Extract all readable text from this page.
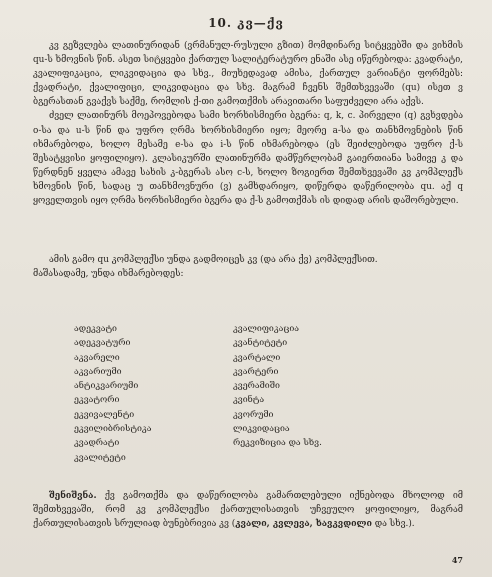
10. კვ—ქვ

კვ გეზვლება ლათინურიდან (ვრმანულ-რუსული გზით) მომდინარე სიტყვებში და ვიხმის qu-ს ხმოვნის წინ. ასეთ სიტყვები ქართულ სალიტერატურო ენაში ასე იწერებოდა: კვადრატი, კვალიფიკაცია, ლიკვიდაცია და სხვ., მიუხედავად ამისა, ქართულ ვარიანტი ფორმებს: ქვადრატი, ქვალიფიცი, ლიკვიდაცია და სხვ. მაგრამ ჩვენს შემთხვევაში (qu) ისეთ ვ ბგერასთან გვაქვს საქმე, რომლის ქ-თი გამოთქმის არავითარი საფუძველი არა აქვს.

ძველ ლათინურს მოეპოვებოდა სამი ხორხისმიერი ბგერა: q, k, c. პირველი (q) გვხვდება o-სა და u-ს წინ და უფრო ღრმა ხორხისმიერი იყო; მეორე a-სა და თანხმოვნების წინ იხმარებოდა, ხოლო მესამე e-სა და i-ს წინ იხმარებოდა (ეს შეიძლებოდა უფრო ქ-ს შესატყვისი ყოფილიყო). კლასიკურში ლათინურმა დამწერლობამ გაიერთიანა სამივე კ და წერდნენ ყველა ამავე სახის კ-ბგერას ასო c-ს, ხოლო ზოგიერთ შემთხვევაში კვ კომპლექს ხმოვნის წინ, სადაც უ თანხმოვნური (ვ) გამხდარიყო, დიწერდა დაწერილობა qu. აქ q ყოველთვის იყო ღრმა ხორხისმიერი ბგერა და ქ-ს გამოთქმას ის დიდად არის დაშორებული.

ამის გამო qu კომპლექსი უნდა გადმოიცეს კვ (და არა ქვ) კომპლექსით.

მაშასადამე, უნდა იხმარებოდეს:

ადეკვატი
ადეკვატური
აკვარელი
აკვარიუმი
ანტიკვარიუმი
ეკვატორი
ეკვივალენტი
ეკვილიბრისტიკა
კვადრატი
კვალიტეტი
კვალიფიკაცია
კვანტიტეტი
კვარტალი
კვარტერი
კვერამიში
კვინტა
კვორუმი
ლიკვიდაცია
რეკვიზიცია და სხვ.

შენიშვნა. ქვ გამოთქმა და დაწერილობა გამართლებული იქნებოდა მხოლოდ იმ შემთხვევაში, რომ კვ კომპლექსი ქართულისათვის უჩვეულო ყოფილიყო, მაგრამ ქართულისათვის სრულიად ბუნებრივია კვ (კვალი, კვლევა, ხავკვდილი და სხვ.).

47
